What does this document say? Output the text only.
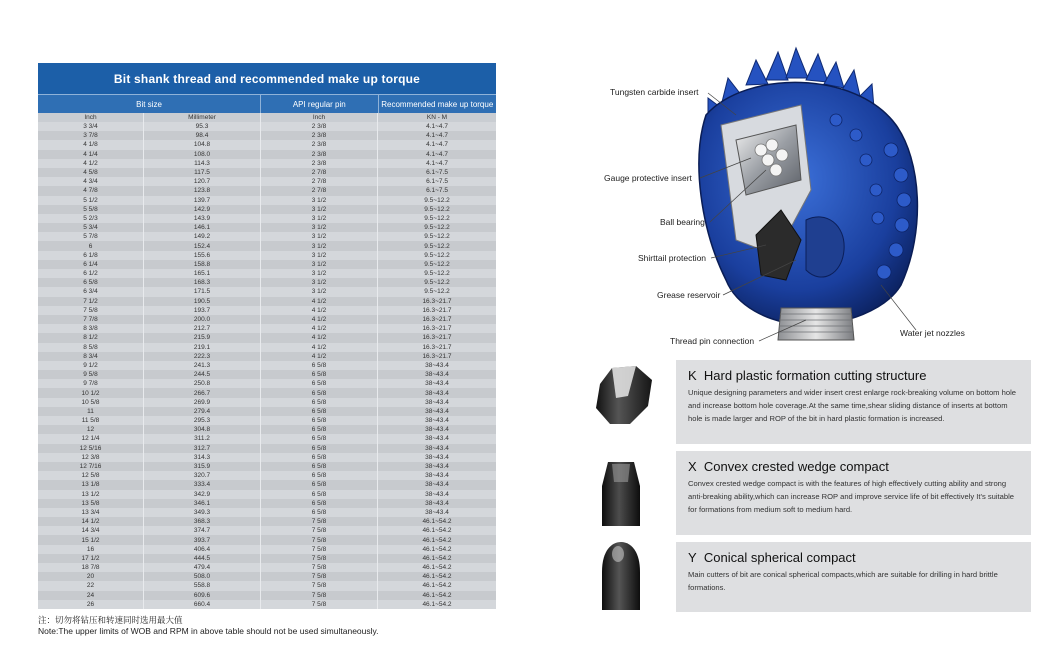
Bit shank thread and recommended make up torque
Bit size	API regular pin	Recommended make up torque
Inch	Millimeter	Inch	KN - M
3 3/4	95.3	2 3/8	4.1~4.7
3 7/8	98.4	2 3/8	4.1~4.7
4 1/8	104.8	2 3/8	4.1~4.7
4 1/4	108.0	2 3/8	4.1~4.7
4 1/2	114.3	2 3/8	4.1~4.7
4 5/8	117.5	2 7/8	6.1~7.5
4 3/4	120.7	2 7/8	6.1~7.5
4 7/8	123.8	2 7/8	6.1~7.5
5 1/2	139.7	3 1/2	9.5~12.2
5 5/8	142.9	3 1/2	9.5~12.2
5 2/3	143.9	3 1/2	9.5~12.2
5 3/4	146.1	3 1/2	9.5~12.2
5 7/8	149.2	3 1/2	9.5~12.2
6	152.4	3 1/2	9.5~12.2
6 1/8	155.6	3 1/2	9.5~12.2
6 1/4	158.8	3 1/2	9.5~12.2
6 1/2	165.1	3 1/2	9.5~12.2
6 5/8	168.3	3 1/2	9.5~12.2
6 3/4	171.5	3 1/2	9.5~12.2
7 1/2	190.5	4 1/2	16.3~21.7
7 5/8	193.7	4 1/2	16.3~21.7
7 7/8	200.0	4 1/2	16.3~21.7
8 3/8	212.7	4 1/2	16.3~21.7
8 1/2	215.9	4 1/2	16.3~21.7
8 5/8	219.1	4 1/2	16.3~21.7
8 3/4	222.3	4 1/2	16.3~21.7
9 1/2	241.3	6 5/8	38~43.4
9 5/8	244.5	6 5/8	38~43.4
9 7/8	250.8	6 5/8	38~43.4
10 1/2	266.7	6 5/8	38~43.4
10 5/8	269.9	6 5/8	38~43.4
11	279.4	6 5/8	38~43.4
11 5/8	295.3	6 5/8	38~43.4
12	304.8	6 5/8	38~43.4
12 1/4	311.2	6 5/8	38~43.4
12 5/16	312.7	6 5/8	38~43.4
12 3/8	314.3	6 5/8	38~43.4
12 7/16	315.9	6 5/8	38~43.4
12 5/8	320.7	6 5/8	38~43.4
13 1/8	333.4	6 5/8	38~43.4
13 1/2	342.9	6 5/8	38~43.4
13 5/8	346.1	6 5/8	38~43.4
13 3/4	349.3	6 5/8	38~43.4
14 1/2	368.3	7 5/8	46.1~54.2
14 3/4	374.7	7 5/8	46.1~54.2
15 1/2	393.7	7 5/8	46.1~54.2
16	406.4	7 5/8	46.1~54.2
17 1/2	444.5	7 5/8	46.1~54.2
18 7/8	479.4	7 5/8	46.1~54.2
20	508.0	7 5/8	46.1~54.2
22	558.8	7 5/8	46.1~54.2
24	609.6	7 5/8	46.1~54.2
26	660.4	7 5/8	46.1~54.2
注：切勿将钻压和转速同时选用最大值
Note:The upper limits of WOB and RPM in above table should not be used simultaneously.
Tungsten carbide insert
Gauge protective insert
Ball bearing
Shirttail protection
Grease reservoir
Thread pin connection
Water jet nozzles
K Hard plastic formation cutting structure

Unique designing parameters and wider insert crest enlarge rock-breaking volume on bottom hole and increase bottom hole coverage.At the same time,shear sliding distance of inserts at bottom hole is made larger and ROP of the bit in hard plastic formation is increased.

X Convex crested wedge compact

Convex crested wedge compact is with the features of high effectively cutting ability and strong anti-breaking ability,which can increase ROP and improve service life of bit effectively It's suitable for formations from medium soft to medium hard.

Y Conical spherical compact

Main cutters of bit are conical spherical compacts,which are suitable for drilling in hard brittle formations.
